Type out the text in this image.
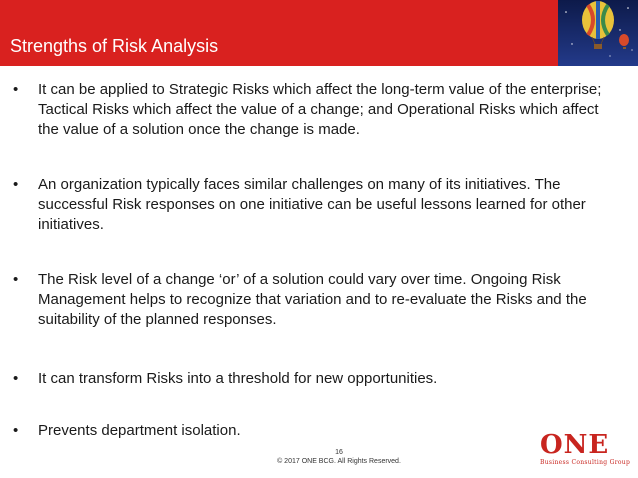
Strengths of Risk Analysis
• It can be applied to Strategic Risks which affect the long-term value of the enterprise; Tactical Risks which affect the value of a change; and Operational Risks which affect the value of a solution once the change is made.
• An organization typically faces similar challenges on many of its initiatives. The successful Risk responses on one initiative can be useful lessons learned for other initiatives.
• The Risk level of a change ‘or’ of a solution could vary over time. Ongoing Risk Management helps to recognize that variation and to re-evaluate the Risks and the suitability of the planned responses.
• It can transform Risks into a threshold for new opportunities.
• Prevents department isolation.
16
© 2017 ONE BCG. All Rights Reserved.
ONE
Business Consulting Group
